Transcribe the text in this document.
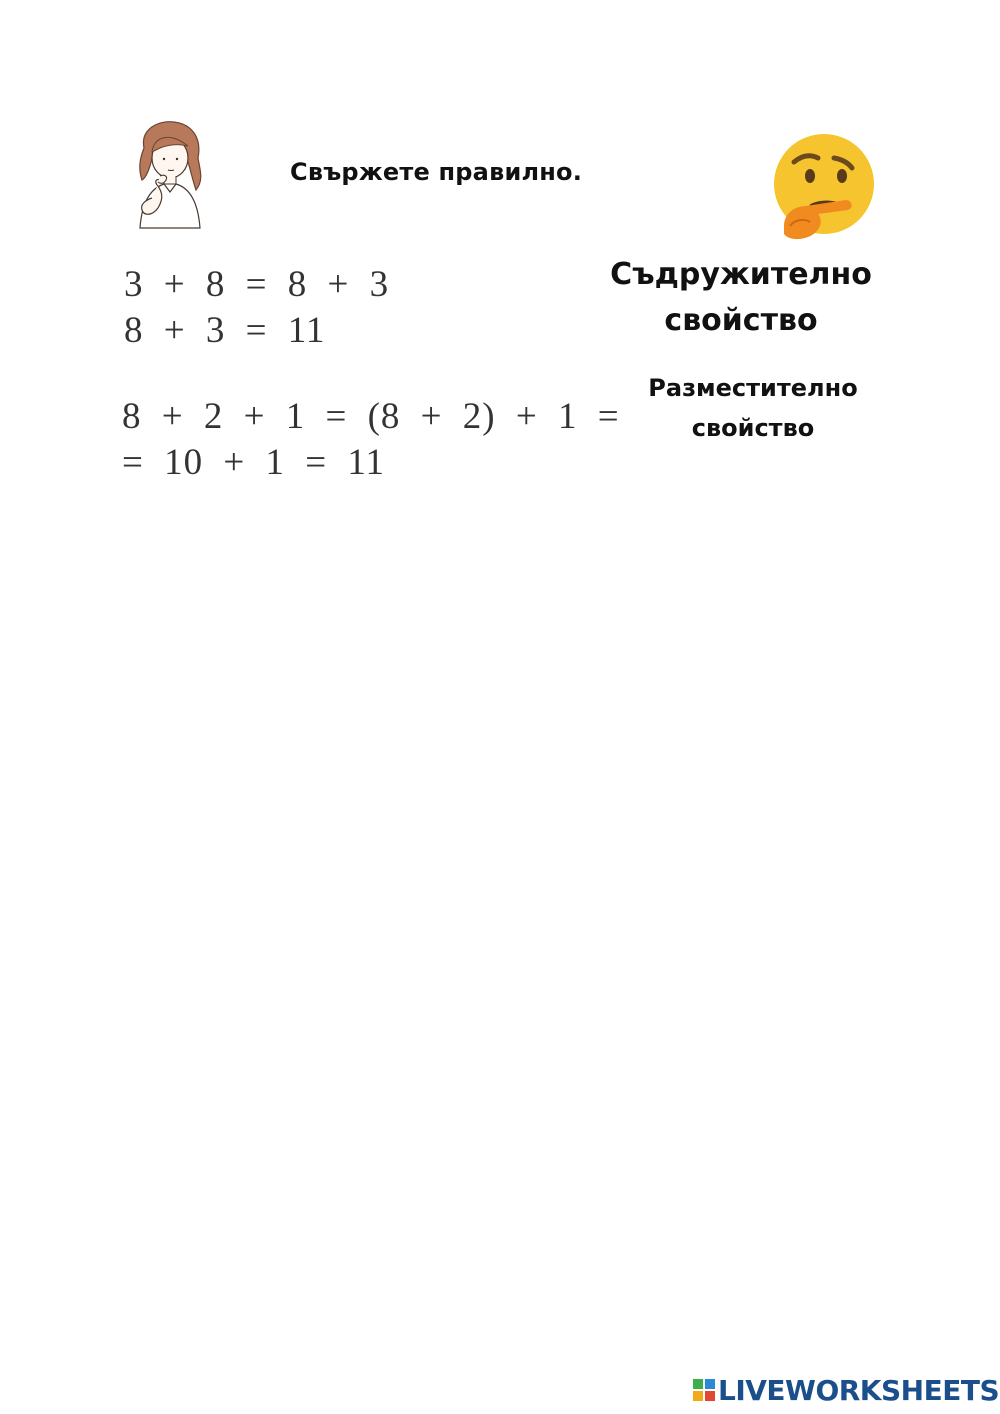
Свържете правилно.
Съдружително
свойство
Разместително
свойство
3 + 8 = 8 + 3
8 + 3 = 11
8 + 2 + 1 = (8 + 2) + 1 =
= 10 + 1 = 11
LIVEWORKSHEETS
